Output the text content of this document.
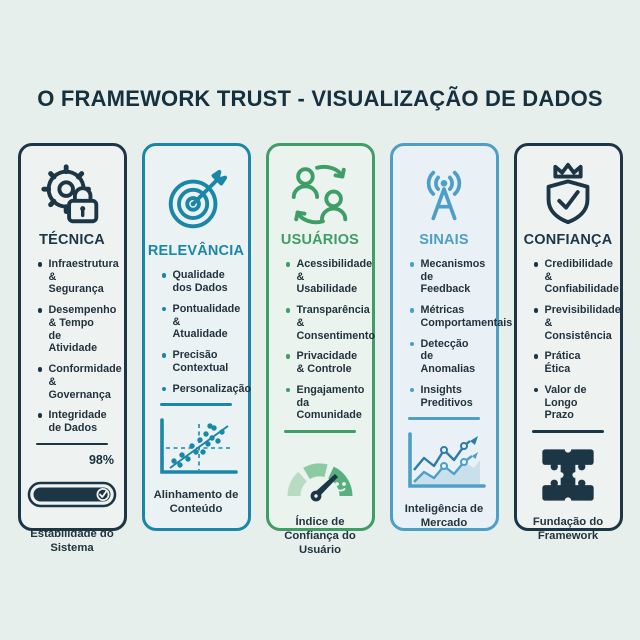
O FRAMEWORK TRUST - VISUALIZAÇÃO DE DADOS
TÉCNICA
Infraestrutura & Segurança
Desempenho & Tempo de Atividade
Conformidade & Governança
Integridade de Dados
98%
Estabilidade do Sistema
RELEVÂNCIA
Qualidade dos Dados
Pontualidade & Atualidade
Precisão Contextual
Personalização
Alinhamento de Conteúdo
USUÁRIOS
Acessibilidade & Usabilidade
Transparência & Consentimento
Privacidade & Controle
Engajamento da Comunidade
Índice de Confiança do Usuário
SINAIS
Mecanismos de Feedback
Métricas Comportamentais
Detecção de Anomalias
Insights Preditivos
Inteligência de Mercado
CONFIANÇA
Credibilidade & Confiabilidade
Previsibilidade & Consistência
Prática Ética
Valor de Longo Prazo
Fundação do Framework
